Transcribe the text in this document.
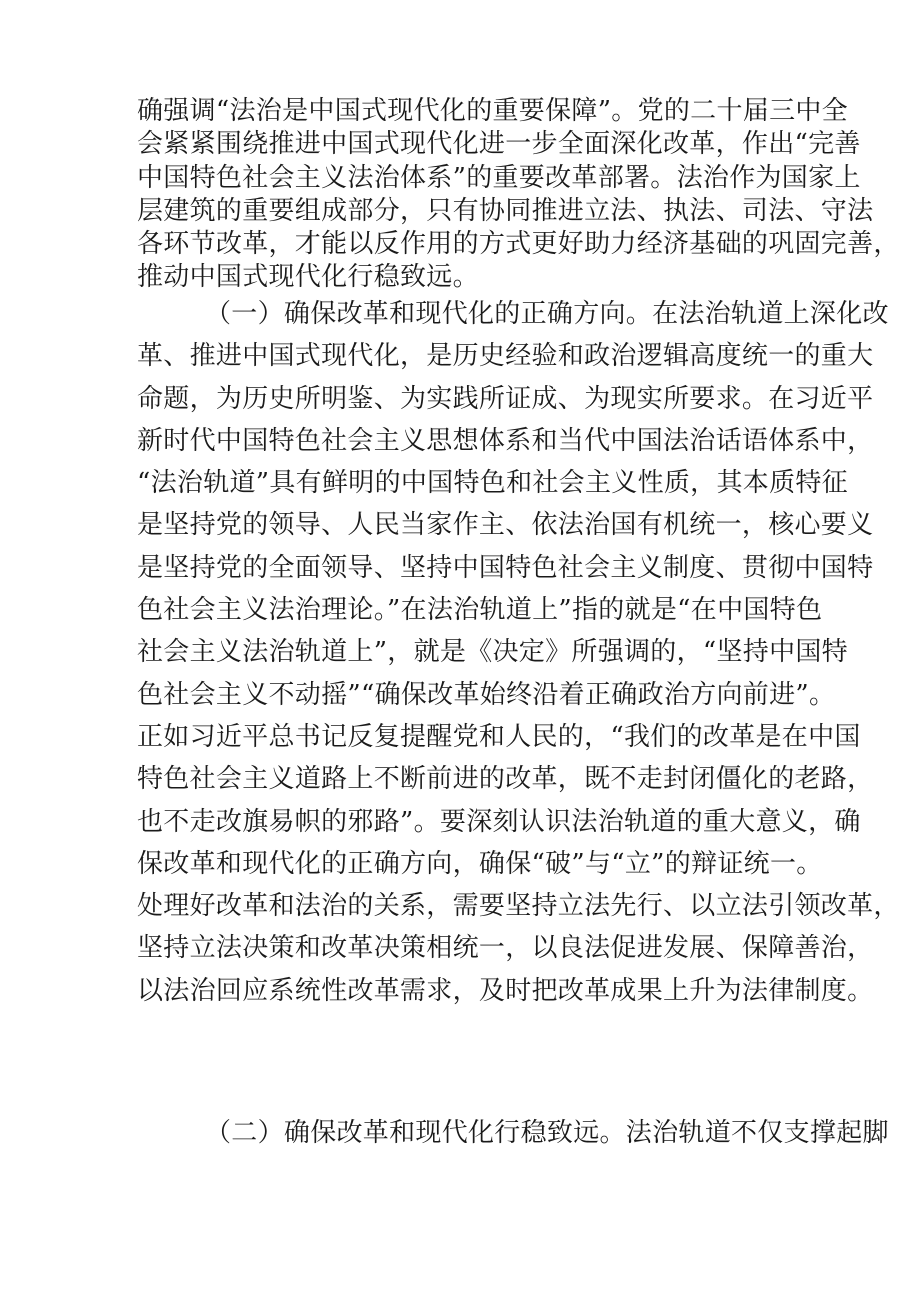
确强调“法治是中国式现代化的重要保障”。党的二十届三中全
会紧紧围绕推进中国式现代化进一步全面深化改革，作出“完善
中国特色社会主义法治体系”的重要改革部署。法治作为国家上
层建筑的重要组成部分，只有协同推进立法、执法、司法、守法
各环节改革，才能以反作用的方式更好助力经济基础的巩固完善，
推动中国式现代化行稳致远。
（一）确保改革和现代化的正确方向。在法治轨道上深化改
革、推进中国式现代化，是历史经验和政治逻辑高度统一的重大
命题，为历史所明鉴、为实践所证成、为现实所要求。在习近平
新时代中国特色社会主义思想体系和当代中国法治话语体系中，
“法治轨道”具有鲜明的中国特色和社会主义性质，其本质特征
是坚持党的领导、人民当家作主、依法治国有机统一，核心要义
是坚持党的全面领导、坚持中国特色社会主义制度、贯彻中国特
色社会主义法治理论。”在法治轨道上”指的就是“在中国特色
社会主义法治轨道上”，就是《决定》所强调的，“坚持中国特
色社会主义不动摇”“确保改革始终沿着正确政治方向前进”。
正如习近平总书记反复提醒党和人民的，“我们的改革是在中国
特色社会主义道路上不断前进的改革，既不走封闭僵化的老路，
也不走改旗易帜的邪路”。要深刻认识法治轨道的重大意义，确
保改革和现代化的正确方向，确保“破”与“立”的辩证统一。
处理好改革和法治的关系，需要坚持立法先行、以立法引领改革，
坚持立法决策和改革决策相统一，以良法促进发展、保障善治，
以法治回应系统性改革需求，及时把改革成果上升为法律制度。
（二）确保改革和现代化行稳致远。法治轨道不仅支撑起脚
